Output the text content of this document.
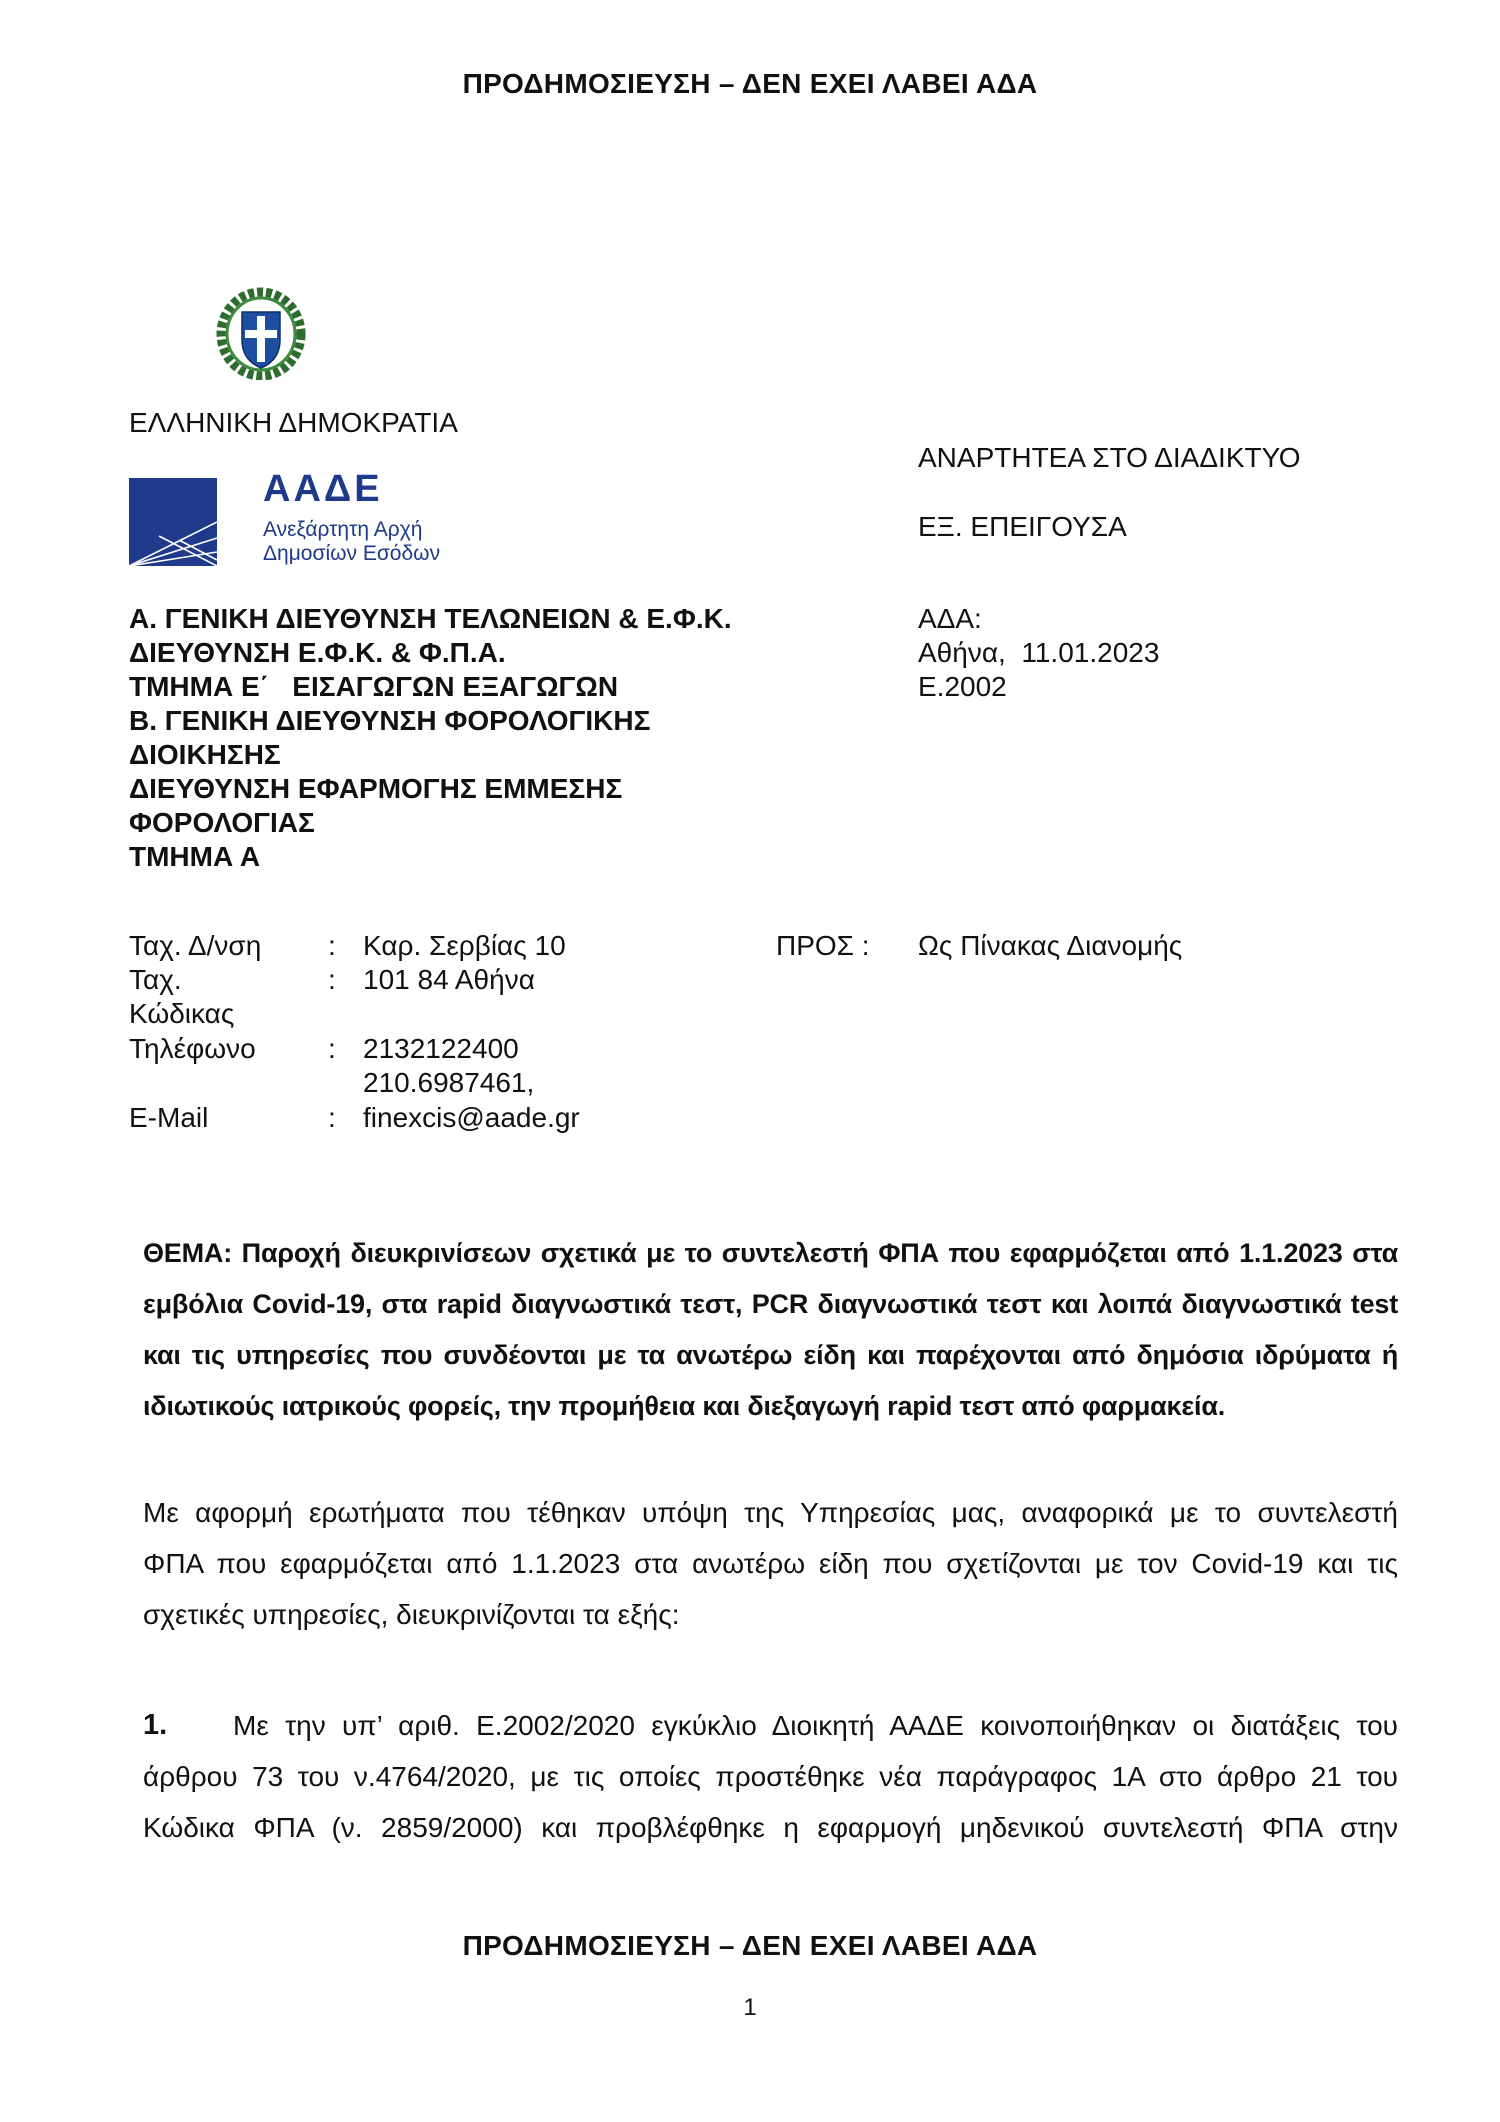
ΠΡΟΔΗΜΟΣΙΕΥΣΗ – ΔΕΝ ΕΧΕΙ ΛΑΒΕΙ ΑΔΑ
ΕΛΛΗΝΙΚΗ ΔΗΜΟΚΡΑΤΙΑ
ΑΑΔΕ
Ανεξάρτητη Αρχή
Δημοσίων Εσόδων
ΑΝΑΡΤΗΤΕΑ ΣΤΟ ΔΙΑΔΙΚΤΥΟ
ΕΞ. ΕΠΕΙΓΟΥΣΑ
Α. ΓΕΝΙΚΗ ΔΙΕΥΘΥΝΣΗ ΤΕΛΩΝΕΙΩΝ & Ε.Φ.Κ.
ΔΙΕΥΘΥΝΣΗ Ε.Φ.Κ. & Φ.Π.Α.
ΤΜΗΜΑ Ε΄   ΕΙΣΑΓΩΓΩΝ ΕΞΑΓΩΓΩΝ
Β. ΓΕΝΙΚΗ ΔΙΕΥΘΥΝΣΗ ΦΟΡΟΛΟΓΙΚΗΣ
ΔΙΟΙΚΗΣΗΣ
ΔΙΕΥΘΥΝΣΗ ΕΦΑΡΜΟΓΗΣ ΕΜΜΕΣΗΣ
ΦΟΡΟΛΟΓΙΑΣ
ΤΜΗΜΑ Α
ΑΔΑ:
Αθήνα,  11.01.2023
Ε.2002
Ταχ. Δ/νση : Καρ. Σερβίας 10
Ταχ.
Κώδικας
: 101 84 Αθήνα
Τηλέφωνο	: 2132122400
210.6987461,
E-Mail	: finexcis@aade.gr
ΠΡΟΣ : Ως Πίνακας Διανομής
ΘΕΜΑ: Παροχή διευκρινίσεων σχετικά με το συντελεστή ΦΠΑ που εφαρμόζεται από 1.1.2023 στα
εμβόλια Covid-19, στα rapid διαγνωστικά τεστ, PCR διαγνωστικά τεστ και λοιπά διαγνωστικά test
και τις υπηρεσίες που συνδέονται με τα ανωτέρω είδη και παρέχονται από δημόσια ιδρύματα ή
ιδιωτικούς ιατρικούς φορείς, την προμήθεια και διεξαγωγή rapid τεστ από φαρμακεία.
Με αφορμή ερωτήματα που τέθηκαν υπόψη της Υπηρεσίας μας, αναφορικά με το συντελεστή
ΦΠΑ που εφαρμόζεται από 1.1.2023 στα ανωτέρω είδη που σχετίζονται με τον Covid-19 και τις
σχετικές υπηρεσίες, διευκρινίζονται τα εξής:
1. Με την υπ’ αριθ. Ε.2002/2020 εγκύκλιο Διοικητή ΑΑΔΕ κοινοποιήθηκαν οι διατάξεις του
άρθρου 73 του ν.4764/2020, με τις οποίες προστέθηκε νέα παράγραφος 1Α στο άρθρο 21 του
Κώδικα ΦΠΑ (ν. 2859/2000) και προβλέφθηκε η εφαρμογή μηδενικού συντελεστή ΦΠΑ στην
ΠΡΟΔΗΜΟΣΙΕΥΣΗ – ΔΕΝ ΕΧΕΙ ΛΑΒΕΙ ΑΔΑ
1
